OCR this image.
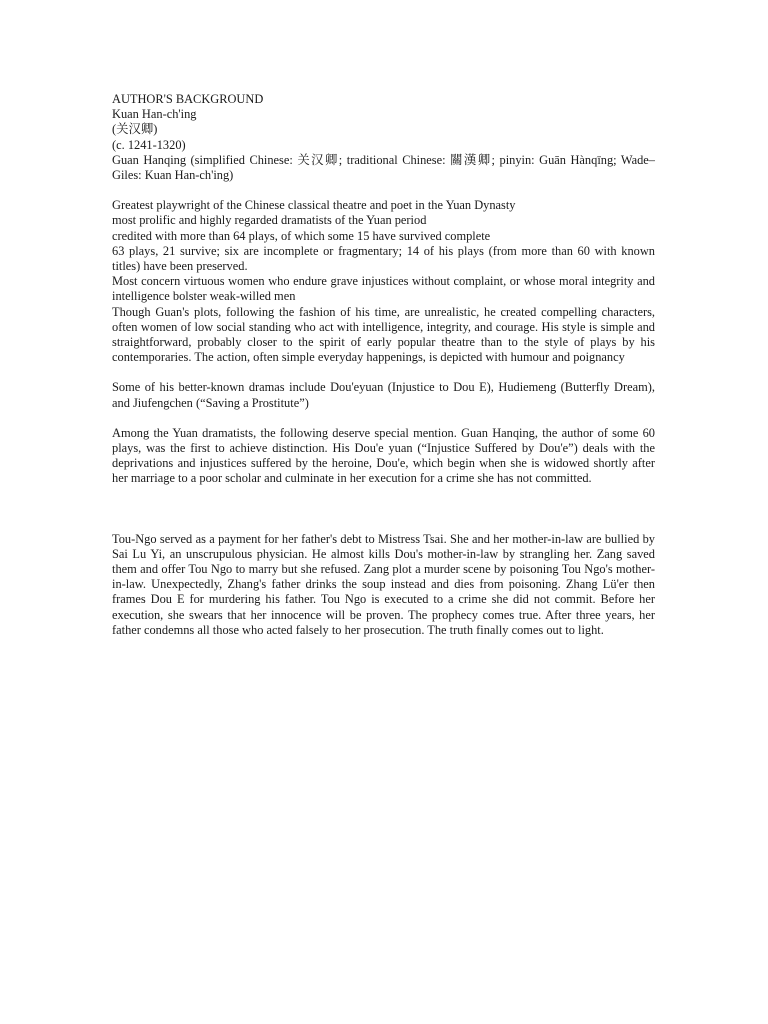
AUTHOR'S BACKGROUND
Kuan Han-ch'ing
(关汉卿)
(c. 1241-1320)
Guan Hanqing (simplified Chinese: 关汉卿; traditional Chinese: 關漢卿; pinyin: Guān Hànqīng; Wade–Giles: Kuan Han-ch'ing)
Greatest playwright of the Chinese classical theatre and poet in the Yuan Dynasty
most prolific and highly regarded dramatists of the Yuan period
credited with more than 64 plays, of which some 15 have survived complete
63 plays, 21 survive; six are incomplete or fragmentary; 14 of his plays (from more than 60 with known titles) have been preserved.
Most concern virtuous women who endure grave injustices without complaint, or whose moral integrity and intelligence bolster weak-willed men
Though Guan's plots, following the fashion of his time, are unrealistic, he created compelling characters, often women of low social standing who act with intelligence, integrity, and courage. His style is simple and straightforward, probably closer to the spirit of early popular theatre than to the style of plays by his contemporaries. The action, often simple everyday happenings, is depicted with humour and poignancy
Some of his better-known dramas include Dou'eyuan (Injustice to Dou E), Hudiemeng (Butterfly Dream), and Jiufengchen (“Saving a Prostitute”)
Among the Yuan dramatists, the following deserve special mention. Guan Hanqing, the author of some 60 plays, was the first to achieve distinction. His Dou'e yuan (“Injustice Suffered by Dou'e”) deals with the deprivations and injustices suffered by the heroine, Dou'e, which begin when she is widowed shortly after her marriage to a poor scholar and culminate in her execution for a crime she has not committed.
Tou-Ngo served as a payment for her father's debt to Mistress Tsai. She and her mother-in-law are bullied by Sai Lu Yi, an unscrupulous physician. He almost kills Dou's mother-in-law by strangling her. Zang saved them and offer Tou Ngo to marry but she refused. Zang plot a murder scene by poisoning Tou Ngo's mother-in-law. Unexpectedly, Zhang's father drinks the soup instead and dies from poisoning. Zhang Lü'er then frames Dou E for murdering his father. Tou Ngo is executed to a crime she did not commit. Before her execution, she swears that her innocence will be proven. The prophecy comes true. After three years, her father condemns all those who acted falsely to her prosecution. The truth finally comes out to light.
